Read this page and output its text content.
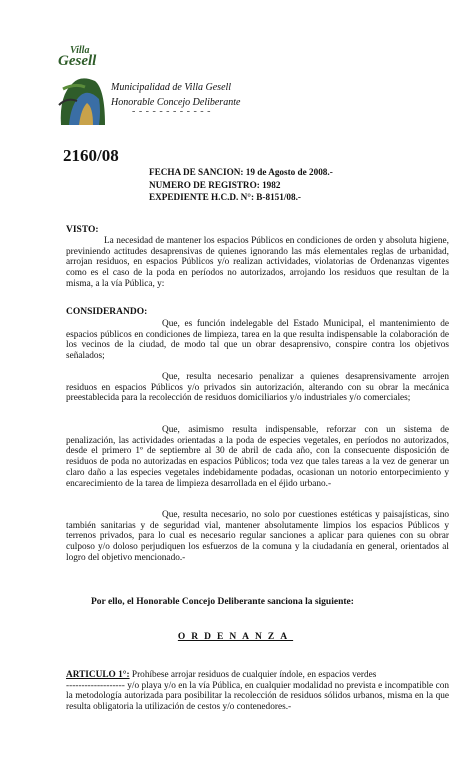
Villa
Gesell
Municipalidad de Villa Gesell
Honorable Concejo Deliberante
- - - - - - - - - - - -
2160/08
FECHA DE SANCION: 19 de Agosto de 2008.-
NUMERO DE REGISTRO: 1982
EXPEDIENTE H.C.D. N°: B-8151/08.-
VISTO:
La necesidad de mantener los espacios Públicos en condiciones de orden y absoluta higiene, previniendo actitudes desaprensivas de quienes ignorando las más elementales reglas de urbanidad, arrojan residuos, en espacios Públicos y/o realizan actividades, violatorias de Ordenanzas vigentes como es el caso de la poda en períodos no autorizados, arrojando los residuos que resultan de la misma, a la vía Pública, y:
CONSIDERANDO:
Que, es función indelegable del Estado Municipal, el mantenimiento de espacios públicos en condiciones de limpieza, tarea en la que resulta indispensable la colaboración de los vecinos de la ciudad, de modo tal que un obrar desaprensivo, conspire contra los objetivos señalados;
Que, resulta necesario penalizar a quienes desaprensivamente arrojen residuos en espacios Públicos y/o privados sin autorización, alterando con su obrar la mecánica preestablecida para la recolección de residuos domiciliarios y/o industriales y/o comerciales;
Que, asimismo resulta indispensable, reforzar con un sistema de penalización, las actividades orientadas a la poda de especies vegetales, en períodos no autorizados, desde el primero 1º de septiembre al 30 de abril de cada año, con la consecuente disposición de residuos de poda no autorizadas en espacios Públicos; toda vez que tales tareas a la vez de generar un claro daño a las especies vegetales indebidamente podadas, ocasionan un notorio entorpecimiento y encarecimiento de la tarea de limpieza desarrollada en el éjido urbano.-
Que, resulta necesario, no solo por cuestiones estéticas y paisajísticas, sino también sanitarias y de seguridad vial, mantener absolutamente limpios los espacios Públicos y terrenos privados, para lo cual es necesario regular sanciones a aplicar para quienes con su obrar culposo y/o doloso perjudiquen los esfuerzos de la comuna y la ciudadanía en general, orientados al logro del objetivo mencionado.-
Por ello, el Honorable Concejo Deliberante sanciona la siguiente:
ORDENANZA
ARTICULO 1°: Prohíbese arrojar residuos de cualquier índole, en espacios verdes
------------------- y/o playa y/o en la vía Pública, en cualquier modalidad no prevista e incompatible con la metodología autorizada para posibilitar la recolección de residuos sólidos urbanos, misma en la que resulta obligatoria la utilización de cestos y/o contenedores.-
